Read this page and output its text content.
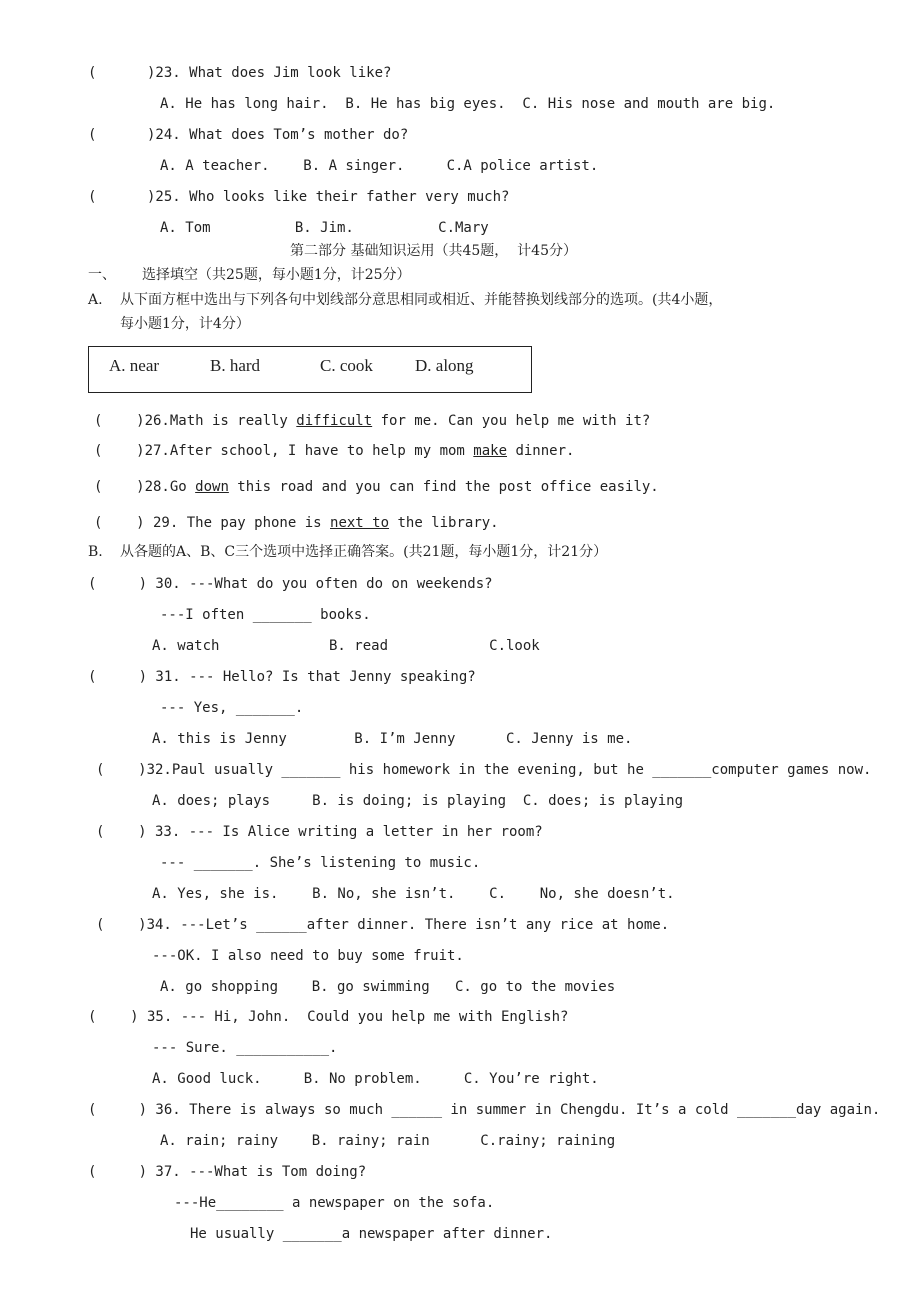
(      )23. What does Jim look like?
A. He has long hair.  B. He has big eyes.  C. His nose and mouth are big.
(      )24. What does Tom’s mother do?
A. A teacher.    B. A singer.     C.A police artist.
(      )25. Who looks like their father very much?
A. Tom          B. Jim.          C.Mary
第二部分 基础知识运用（共45题，  计45分）
一、 选择填空（共25题，每小题1分，计25分）
A. 从下面方框中选出与下列各句中划线部分意思相同或相近、并能替换划线部分的选项。(共4小题，
每小题1分，计4分）
A. near	B. hard	C. cook D. along
(    )26.Math is really difficult for me. Can you help me with it?
(    )27.After school, I have to help my mom make dinner.
(    )28.Go down this road and you can find the post office easily.
(    ) 29. The pay phone is next to the library.
B. 从各题的A、B、C三个选项中选择正确答案。(共21题，每小题1分，计21分）
(     ) 30. ---What do you often do on weekends?
---I often _______ books.
A. watch             B. read            C.look
(     ) 31. --- Hello? Is that Jenny speaking?
--- Yes, _______.
A. this is Jenny        B. I’m Jenny      C. Jenny is me.
(    )32.Paul usually _______ his homework in the evening, but he _______computer games now.
A. does; plays     B. is doing; is playing  C. does; is playing
(    ) 33. --- Is Alice writing a letter in her room?
--- _______. She’s listening to music.
A. Yes, she is.    B. No, she isn’t.    C.    No, she doesn’t.
(    )34. ---Let’s ______after dinner. There isn’t any rice at home.
---OK. I also need to buy some fruit.
A. go shopping    B. go swimming   C. go to the movies
(    ) 35. --- Hi, John.  Could you help me with English?
--- Sure. ___________.
A. Good luck.     B. No problem.     C. You’re right.
(     ) 36. There is always so much ______ in summer in Chengdu. It’s a cold _______day again.
A. rain; rainy    B. rainy; rain      C.rainy; raining
(     ) 37. ---What is Tom doing?
---He________ a newspaper on the sofa.
He usually _______a newspaper after dinner.
